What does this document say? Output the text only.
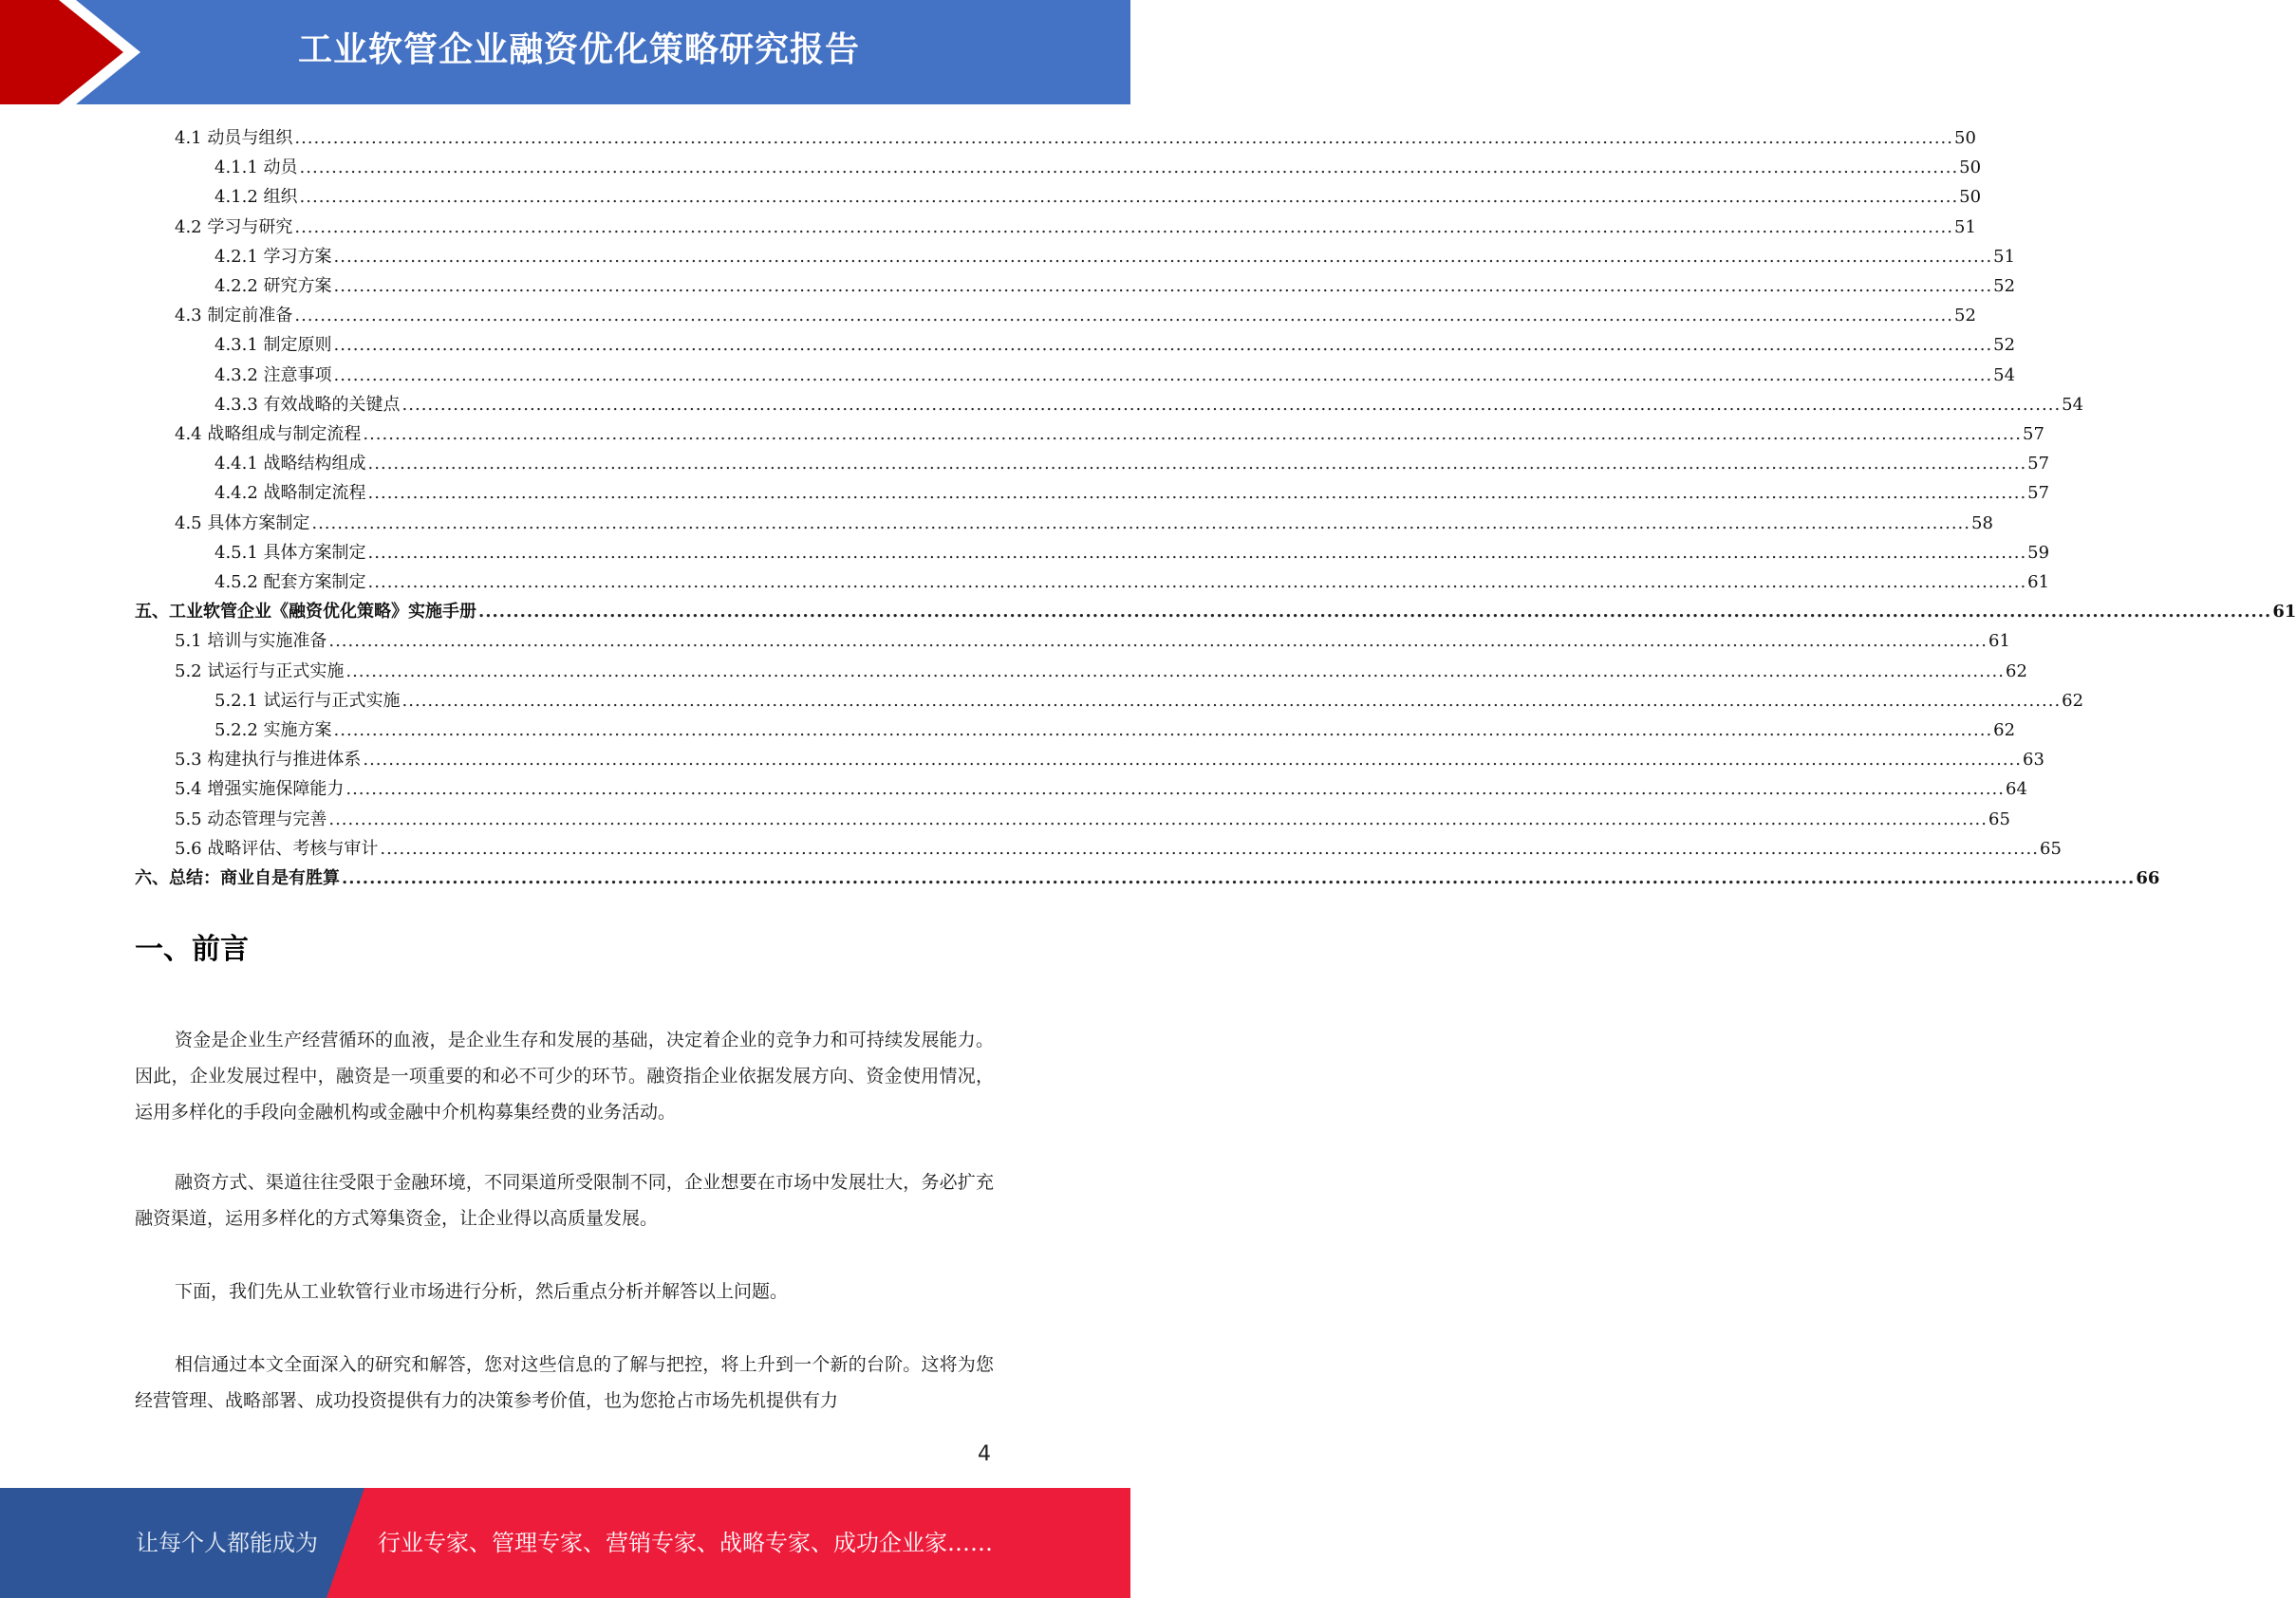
工业软管企业融资优化策略研究报告
4.1 动员与组织 .................................................................................................................................................................................................................................................................... 50
4.1.1 动员 .................................................................................................................................................................................................................................................................... 50
4.1.2 组织 .................................................................................................................................................................................................................................................................... 50
4.2 学习与研究 .................................................................................................................................................................................................................................................................... 51
4.2.1 学习方案 .................................................................................................................................................................................................................................................................... 51
4.2.2 研究方案 .................................................................................................................................................................................................................................................................... 52
4.3 制定前准备 .................................................................................................................................................................................................................................................................... 52
4.3.1 制定原则 .................................................................................................................................................................................................................................................................... 52
4.3.2 注意事项 .................................................................................................................................................................................................................................................................... 54
4.3.3 有效战略的关键点 .................................................................................................................................................................................................................................................................... 54
4.4 战略组成与制定流程 .................................................................................................................................................................................................................................................................... 57
4.4.1 战略结构组成 .................................................................................................................................................................................................................................................................... 57
4.4.2 战略制定流程 .................................................................................................................................................................................................................................................................... 57
4.5 具体方案制定 .................................................................................................................................................................................................................................................................... 58
4.5.1 具体方案制定 .................................................................................................................................................................................................................................................................... 59
4.5.2 配套方案制定 .................................................................................................................................................................................................................................................................... 61
五、工业软管企业《融资优化策略》实施手册 .................................................................................................................................................................................................................................................................... 61
5.1 培训与实施准备 .................................................................................................................................................................................................................................................................... 61
5.2 试运行与正式实施 .................................................................................................................................................................................................................................................................... 62
5.2.1 试运行与正式实施 .................................................................................................................................................................................................................................................................... 62
5.2.2 实施方案 .................................................................................................................................................................................................................................................................... 62
5.3 构建执行与推进体系 .................................................................................................................................................................................................................................................................... 63
5.4 增强实施保障能力 .................................................................................................................................................................................................................................................................... 64
5.5 动态管理与完善 .................................................................................................................................................................................................................................................................... 65
5.6 战略评估、考核与审计 .................................................................................................................................................................................................................................................................... 65
六、总结：商业自是有胜算 .................................................................................................................................................................................................................................................................... 66
一、前言

资金是企业生产经营循环的血液，是企业生存和发展的基础，决定着企业的竞争力和可持续发展能力。因此，企业发展过程中，融资是一项重要的和必不可少的环节。融资指企业依据发展方向、资金使用情况，运用多样化的手段向金融机构或金融中介机构募集经费的业务活动。

融资方式、渠道往往受限于金融环境，不同渠道所受限制不同，企业想要在市场中发展壮大，务必扩充融资渠道，运用多样化的方式筹集资金，让企业得以高质量发展。

下面，我们先从工业软管行业市场进行分析，然后重点分析并解答以上问题。

相信通过本文全面深入的研究和解答，您对这些信息的了解与把控，将上升到一个新的台阶。这将为您经营管理、战略部署、成功投资提供有力的决策参考价值，也为您抢占市场先机提供有力

4
让每个人都能成为	行业专家、管理专家、营销专家、战略专家、成功企业家……
